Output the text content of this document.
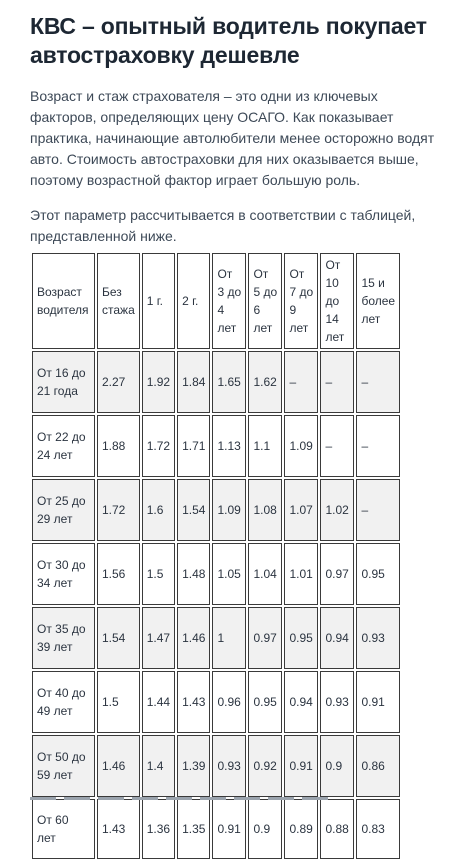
КВС – опытный водитель покупает автостраховку дешевле

Возраст и стаж страхователя – это одни из ключевых факторов, определяющих цену ОСАГО. Как показывает практика, начинающие автолюбители менее осторожно водят авто. Стоимость автостраховки для них оказывается выше, поэтому возрастной фактор играет большую роль.

Этот параметр рассчитывается в соответствии с таблицей, представленной ниже.

Возраст водителя	Без стажа	1 г.	2 г.	От 3 до 4 лет	От 5 до 6 лет	От 7 до 9 лет	От 10 до 14 лет	15 и более лет
От 16 до 21 года	2.27	1.92	1.84	1.65	1.62	–	–	–
От 22 до 24 лет	1.88	1.72	1.71	1.13	1.1	1.09	–	–
От 25 до 29 лет	1.72	1.6	1.54	1.09	1.08	1.07	1.02	–
От 30 до 34 лет	1.56	1.5	1.48	1.05	1.04	1.01	0.97	0.95
От 35 до 39 лет	1.54	1.47	1.46	1	0.97	0.95	0.94	0.93
От 40 до 49 лет	1.5	1.44	1.43	0.96	0.95	0.94	0.93	0.91
От 50 до 59 лет	1.46	1.4	1.39	0.93	0.92	0.91	0.9	0.86
От 60 лет	1.43	1.36	1.35	0.91	0.9	0.89	0.88	0.83
